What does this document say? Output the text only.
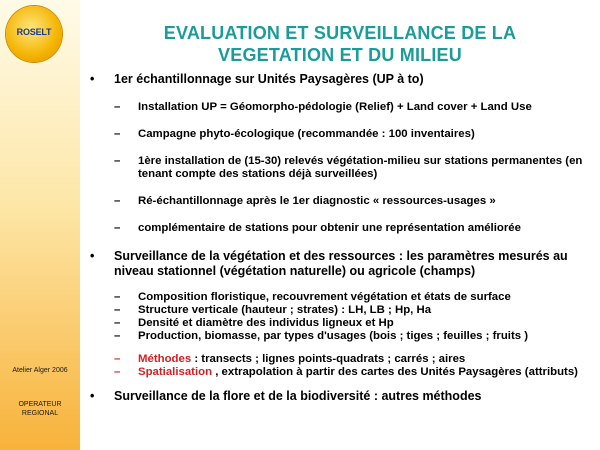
ROSELT
Atelier Alger 2006
OPERATEUR
REGIONAL
EVALUATION ET SURVEILLANCE DE LA
VEGETATION ET DU MILIEU
• 1er échantillonnage sur Unités Paysagères (UP à to)
– Installation UP = Géomorpho-pédologie (Relief) + Land cover + Land Use
– Campagne phyto-écologique (recommandée : 100 inventaires)
– 1ère installation de (15-30) relevés végétation-milieu sur stations permanentes (en tenant compte des stations déjà surveillées)
– Ré-échantillonnage après le 1er diagnostic « ressources-usages »
– complémentaire de stations pour obtenir une représentation améliorée
• Surveillance de la végétation et des ressources : les paramètres mesurés au niveau stationnel (végétation naturelle) ou agricole (champs)
– Composition floristique, recouvrement végétation et états de surface
– Structure verticale (hauteur ; strates) : LH, LB ; Hp, Ha
– Densité et diamètre des individus ligneux et Hp
– Production, biomasse, par types d'usages (bois ; tiges ; feuilles ; fruits )
– Méthodes : transects ; lignes points-quadrats ; carrés ; aires
– Spatialisation , extrapolation à partir des cartes des Unités Paysagères (attributs)
• Surveillance de la flore et de la biodiversité : autres méthodes
